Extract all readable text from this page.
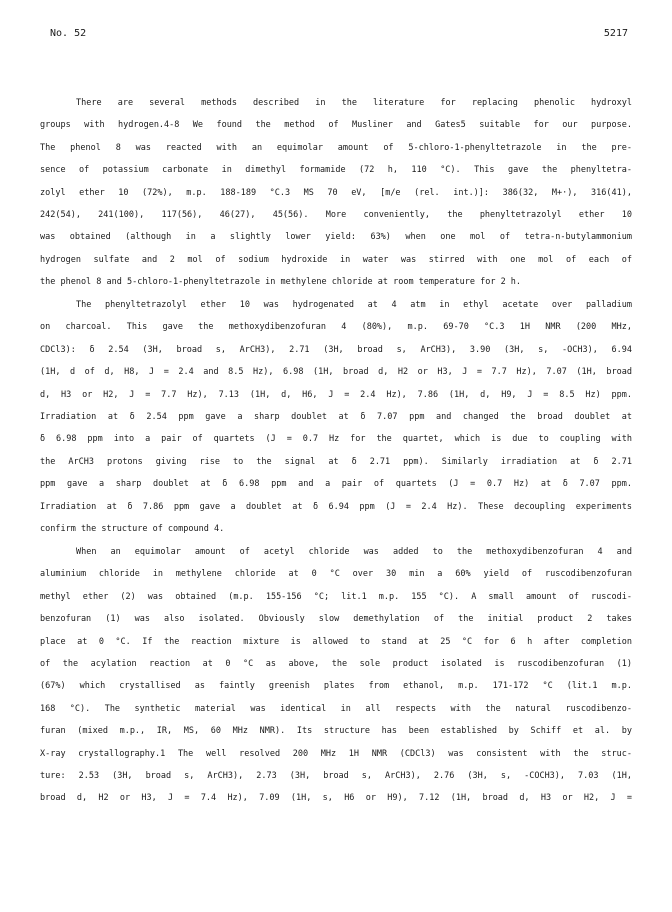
No. 52	5217
There are several methods described in the literature for replacing phenolic hydroxyl
groups with hydrogen.4-8 We found the method of Musliner and Gates5 suitable for our purpose.
The phenol 8 was reacted with an equimolar amount of 5-chloro-1-phenyltetrazole in the pre-
sence of potassium carbonate in dimethyl formamide (72 h, 110 °C). This gave the phenyltetra-
zolyl ether 10 (72%), m.p. 188-189 °C.3 MS 70 eV, [m/e (rel. int.)]: 386(32, M+·), 316(41),
242(54), 241(100), 117(56), 46(27), 45(56). More conveniently, the phenyltetrazolyl ether 10
was obtained (although in a slightly lower yield: 63%) when one mol of tetra-n-butylammonium
hydrogen sulfate and 2 mol of sodium hydroxide in water was stirred with one mol of each of
the phenol 8 and 5-chloro-1-phenyltetrazole in methylene chloride at room temperature for 2 h.
The phenyltetrazolyl ether 10 was hydrogenated at 4 atm in ethyl acetate over palladium
on charcoal. This gave the methoxydibenzofuran 4 (80%), m.p. 69-70 °C.3 1H NMR (200 MHz,
CDCl3): δ 2.54 (3H, broad s, ArCH3), 2.71 (3H, broad s, ArCH3), 3.90 (3H, s, -OCH3), 6.94
(1H, d of d, H8, J = 2.4 and 8.5 Hz), 6.98 (1H, broad d, H2 or H3, J = 7.7 Hz), 7.07 (1H, broad
d, H3 or H2, J = 7.7 Hz), 7.13 (1H, d, H6, J = 2.4 Hz), 7.86 (1H, d, H9, J = 8.5 Hz) ppm.
Irradiation at δ 2.54 ppm gave a sharp doublet at δ 7.07 ppm and changed the broad doublet at
δ 6.98 ppm into a pair of quartets (J = 0.7 Hz for the quartet, which is due to coupling with
the ArCH3 protons giving rise to the signal at δ 2.71 ppm). Similarly irradiation at δ 2.71
ppm gave a sharp doublet at δ 6.98 ppm and a pair of quartets (J = 0.7 Hz) at δ 7.07 ppm.
Irradiation at δ 7.86 ppm gave a doublet at δ 6.94 ppm (J = 2.4 Hz). These decoupling experiments
confirm the structure of compound 4.
When an equimolar amount of acetyl chloride was added to the methoxydibenzofuran 4 and
aluminium chloride in methylene chloride at 0 °C over 30 min a 60% yield of ruscodibenzofuran
methyl ether (2) was obtained (m.p. 155-156 °C; lit.1 m.p. 155 °C). A small amount of ruscodi-
benzofuran (1) was also isolated. Obviously slow demethylation of the initial product 2 takes
place at 0 °C. If the reaction mixture is allowed to stand at 25 °C for 6 h after completion
of the acylation reaction at 0 °C as above, the sole product isolated is ruscodibenzofuran (1)
(67%) which crystallised as faintly greenish plates from ethanol, m.p. 171-172 °C (lit.1 m.p.
168 °C). The synthetic material was identical in all respects with the natural ruscodibenzo-
furan (mixed m.p., IR, MS, 60 MHz NMR). Its structure has been established by Schiff et al. by
X-ray crystallography.1 The well resolved 200 MHz 1H NMR (CDCl3) was consistent with the struc-
ture: 2.53 (3H, broad s, ArCH3), 2.73 (3H, broad s, ArCH3), 2.76 (3H, s, -COCH3), 7.03 (1H,
broad d, H2 or H3, J = 7.4 Hz), 7.09 (1H, s, H6 or H9), 7.12 (1H, broad d, H3 or H2, J =
